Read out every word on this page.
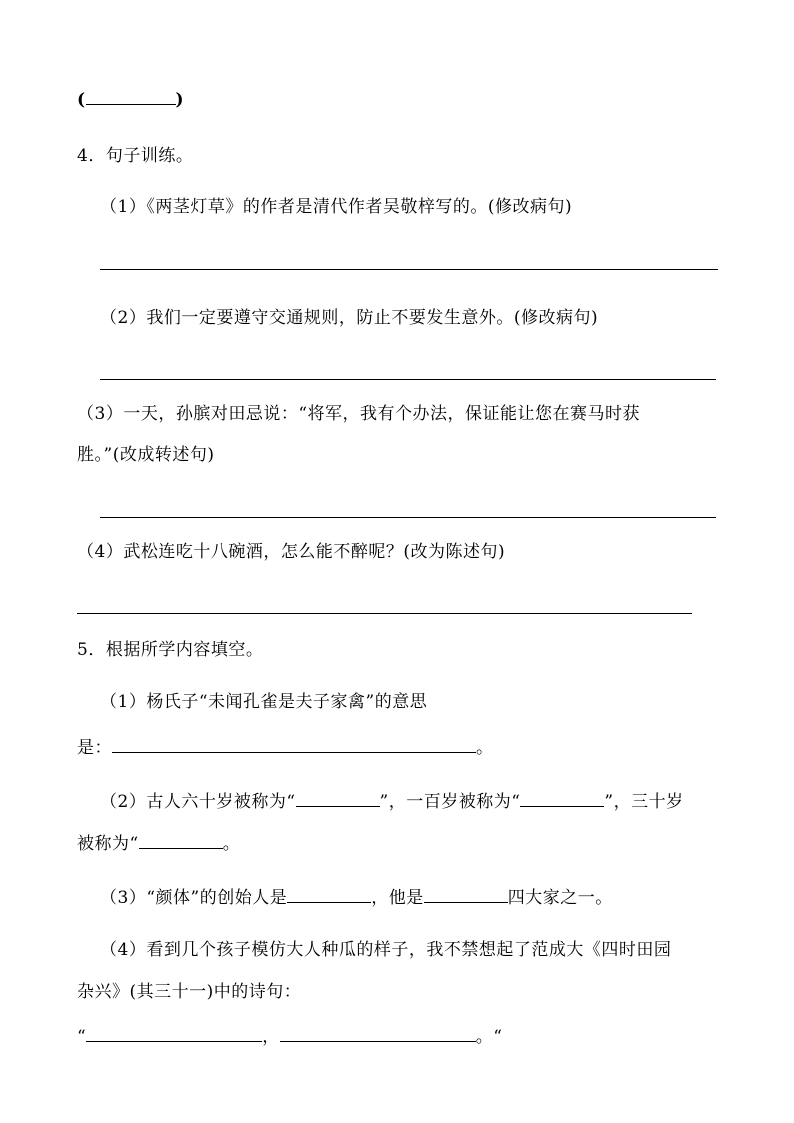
(	)
4．句子训练。
（1）《两茎灯草》的作者是清代作者吴敬梓写的。(修改病句)
（2）我们一定要遵守交通规则，防止不要发生意外。(修改病句)
（3）一天，孙膑对田忌说：“将军，我有个办法，保证能让您在赛马时获
胜。”(改成转述句)
（4）武松连吃十八碗酒，怎么能不醉呢？(改为陈述句)
5．根据所学内容填空。
（1）杨氏子“未闻孔雀是夫子家禽”的意思
是：	。
（2）古人六十岁被称为“	”，一百岁被称为“	”，三十岁
被称为“	。
（3）“颜体”的创始人是	，他是	四大家之一。
（4）看到几个孩子模仿大人种瓜的样子，我不禁想起了范成大《四时田园
杂兴》(其三十一)中的诗句：
“	，	。“
